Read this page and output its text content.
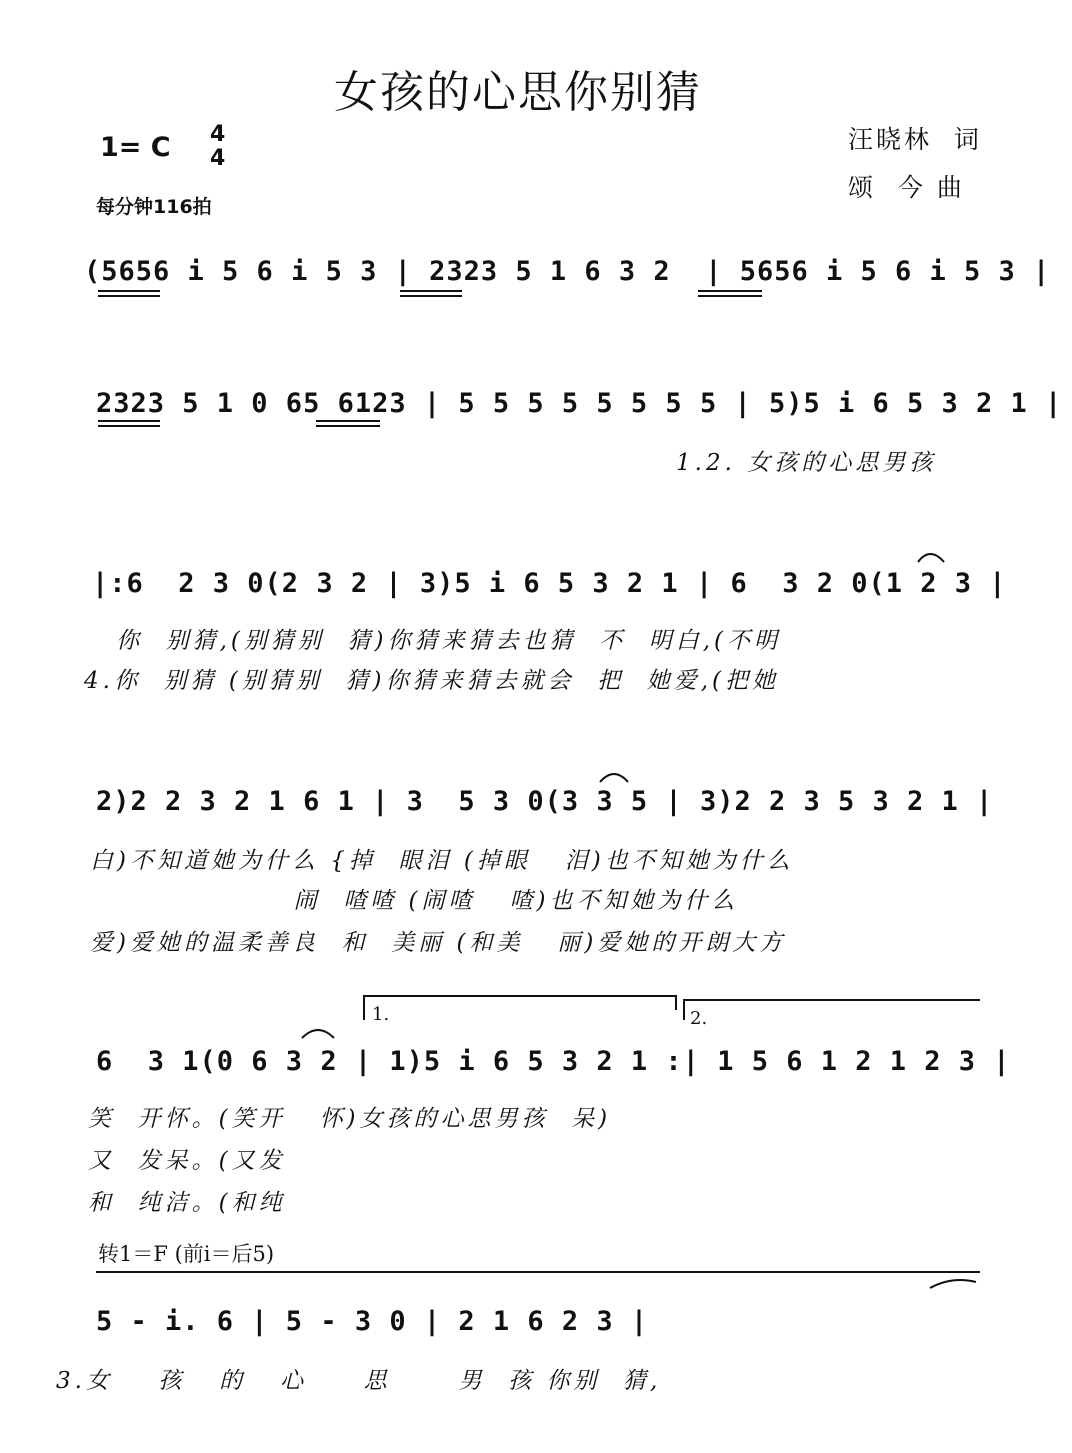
女孩的心思你别猜
汪晓林  词
颂  今 曲
1= C 4
4
每分钟116拍
(5656 i 5 6 i 5 3 | 2323 5 1 6 3 2  | 5656 i 5 6 i 5 3 |
2323 5 1 0 65 6123 | 5 5 5 5 5 5 5 5 | 5)5 i 6 5 3 2 1 |
1.2. 女孩的心思男孩
|:6  2 3 0(2 3 2 | 3)5 i 6 5 3 2 1 | 6  3 2 0(1 2 3 |
你  别猜,(别猜别  猜)你猜来猜去也猜  不  明白,(不明
4.你  别猜 (别猜别  猜)你猜来猜去就会  把  她爱,(把她
2)2 2 3 2 1 6 1 | 3  5 3 0(3 3 5 | 3)2 2 3 5 3 2 1 |
白)不知道她为什么 {掉  眼泪 (掉眼   泪)也不知她为什么
闹  喳喳 (闹喳   喳)也不知她为什么
爱)爱她的温柔善良  和  美丽 (和美   丽)爱她的开朗大方
1.	2.
6  3 1(0 6 3 2 | 1)5 i 6 5 3 2 1 :| 1 5 6 1 2 1 2 3 |
笑  开怀。(笑开   怀)女孩的心思男孩  呆)
又  发呆。(又发
和  纯洁。(和纯
转1＝F (前i＝后5)
5 - i. 6 | 5 - 3 0 | 2 1 6 2 3 |
3.女    孩   的   心     思      男  孩 你别  猜,
